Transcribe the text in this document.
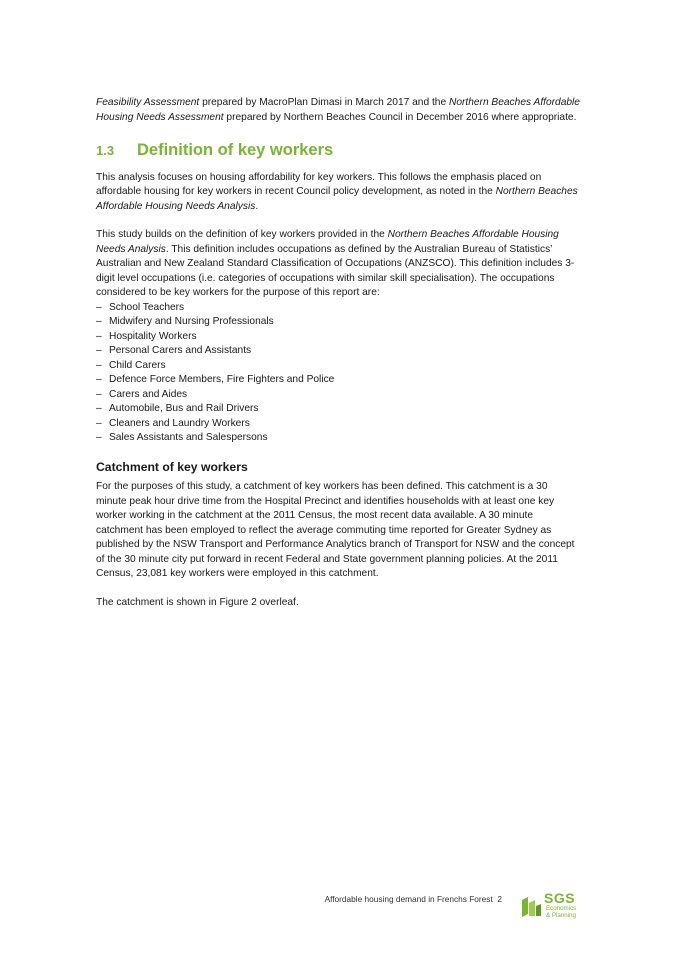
Feasibility Assessment prepared by MacroPlan Dimasi in March 2017 and the Northern Beaches Affordable Housing Needs Assessment prepared by Northern Beaches Council in December 2016 where appropriate.

1.3	Definition of key workers

This analysis focuses on housing affordability for key workers. This follows the emphasis placed on affordable housing for key workers in recent Council policy development, as noted in the Northern Beaches Affordable Housing Needs Analysis.

This study builds on the definition of key workers provided in the Northern Beaches Affordable Housing Needs Analysis. This definition includes occupations as defined by the Australian Bureau of Statistics’ Australian and New Zealand Standard Classification of Occupations (ANZSCO). This definition includes 3-digit level occupations (i.e. categories of occupations with similar skill specialisation). The occupations considered to be key workers for the purpose of this report are:

– School Teachers
– Midwifery and Nursing Professionals
– Hospitality Workers
– Personal Carers and Assistants
– Child Carers
– Defence Force Members, Fire Fighters and Police
– Carers and Aides
– Automobile, Bus and Rail Drivers
– Cleaners and Laundry Workers
– Sales Assistants and Salespersons
Catchment of key workers

For the purposes of this study, a catchment of key workers has been defined. This catchment is a 30 minute peak hour drive time from the Hospital Precinct and identifies households with at least one key worker working in the catchment at the 2011 Census, the most recent data available. A 30 minute catchment has been employed to reflect the average commuting time reported for Greater Sydney as published by the NSW Transport and Performance Analytics branch of Transport for NSW and the concept of the 30 minute city put forward in recent Federal and State government planning policies. At the 2011 Census, 23,081 key workers were employed in this catchment.

The catchment is shown in Figure 2 overleaf.

Affordable housing demand in Frenchs Forest 2	SGS
Economics
& Planning
